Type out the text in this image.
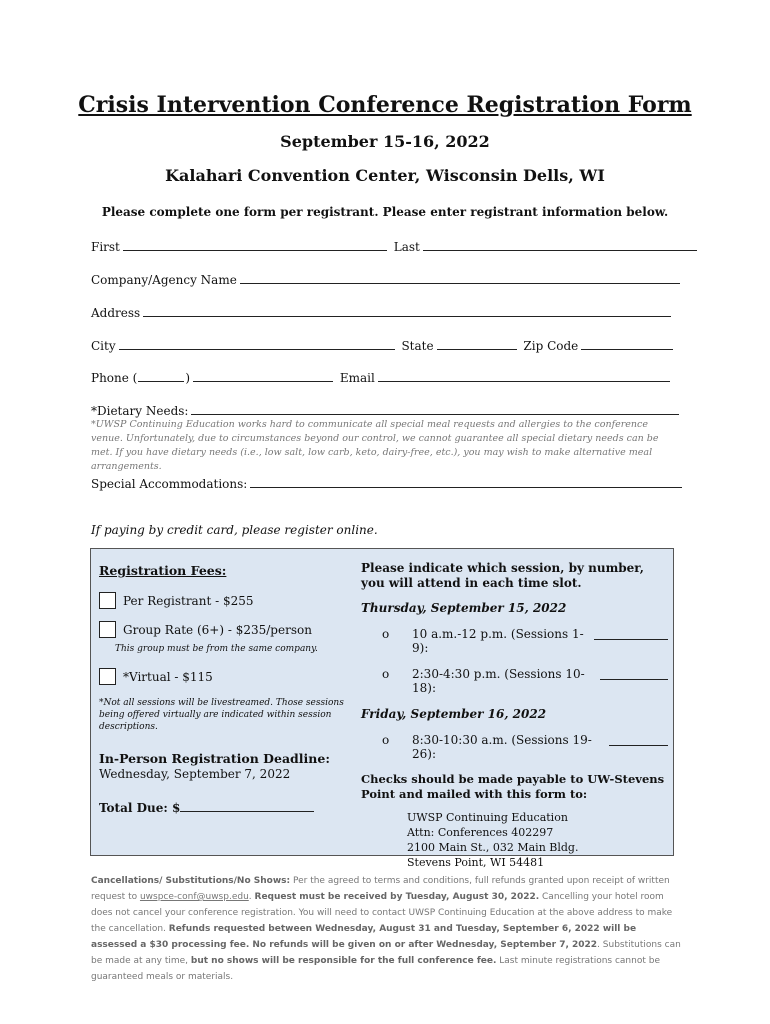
Crisis Intervention Conference Registration Form
September 15-16, 2022
Kalahari Convention Center, Wisconsin Dells, WI
Please complete one form per registrant. Please enter registrant information below.
First	Last
Company/Agency Name
Address
City	State	Zip Code
Phone (	)	Email
*Dietary Needs:
*UWSP Continuing Education works hard to communicate all special meal requests and allergies to the conference venue. Unfortunately, due to circumstances beyond our control, we cannot guarantee all special dietary needs can be met. If you have dietary needs (i.e., low salt, low carb, keto, dairy-free, etc.), you may wish to make alternative meal arrangements.
Special Accommodations:
If paying by credit card, please register online.
Registration Fees:
Per Registrant - $255
Group Rate (6+) - $235/person
This group must be from the same company.
*Virtual - $115
*Not all sessions will be livestreamed. Those sessions being offered virtually are indicated within session descriptions.
In-Person Registration Deadline:
Wednesday, September 7, 2022
Total Due: $
Please indicate which session, by number, you will attend in each time slot.
Thursday, September 15, 2022
o	10 a.m.-12 p.m. (Sessions 1-9):
o	2:30-4:30 p.m. (Sessions 10-18):
Friday, September 16, 2022
o	8:30-10:30 a.m. (Sessions 19-26):
Checks should be made payable to UW-Stevens Point and mailed with this form to:
UWSP Continuing Education
Attn: Conferences 402297
2100 Main St., 032 Main Bldg.
Stevens Point, WI 54481
Cancellations/ Substitutions/No Shows: Per the agreed to terms and conditions, full refunds granted upon receipt of written request to uwspce-conf@uwsp.edu. Request must be received by Tuesday, August 30, 2022. Cancelling your hotel room does not cancel your conference registration. You will need to contact UWSP Continuing Education at the above address to make the cancellation. Refunds requested between Wednesday, August 31 and Tuesday, September 6, 2022 will be assessed a $30 processing fee. No refunds will be given on or after Wednesday, September 7, 2022. Substitutions can be made at any time, but no shows will be responsible for the full conference fee. Last minute registrations cannot be guaranteed meals or materials.
